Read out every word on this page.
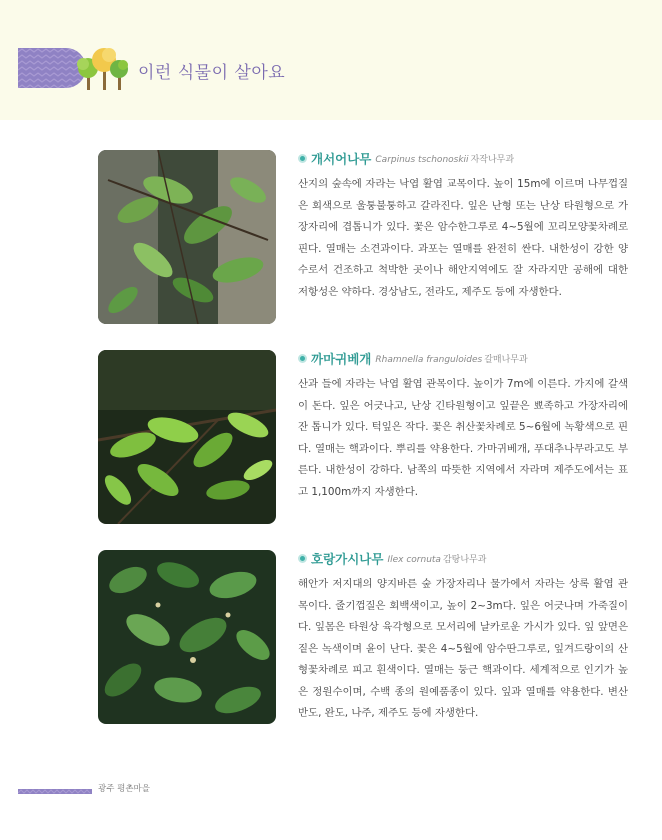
이런 식물이 살아요
개서어나무 Carpinus tschonoskii 자작나무과
산지의 숲속에 자라는 낙엽 활엽 교목이다. 높이 15m에 이르며 나무껍질은 회색으로 울퉁불퉁하고 갈라진다. 잎은 난형 또는 난상 타원형으로 가장자리에 겹톱니가 있다. 꽃은 암수한그루로 4~5월에 꼬리모양꽃차례로 핀다. 열매는 소견과이다. 과포는 열매를 완전히 싼다. 내한성이 강한 양수로서 건조하고 척박한 곳이나 해안지역에도 잘 자라지만 공해에 대한 저항성은 약하다. 경상남도, 전라도, 제주도 등에 자생한다.
까마귀베개 Rhamnella franguloides 갈매나무과
산과 들에 자라는 낙엽 활엽 관목이다. 높이가 7m에 이른다. 가지에 갈색이 돈다. 잎은 어긋나고, 난상 긴타원형이고 잎끝은 뾰족하고 가장자리에 잔 톱니가 있다. 턱잎은 작다. 꽃은 취산꽃차례로 5~6월에 녹황색으로 핀다. 열매는 핵과이다. 뿌리를 약용한다. 가마귀베개, 푸대추나무라고도 부른다. 내한성이 강하다. 남쪽의 따뜻한 지역에서 자라며 제주도에서는 표고 1,100m까지 자생한다.
호랑가시나무 Ilex cornuta 감탕나무과
해안가 저지대의 양지바른 숲 가장자리나 물가에서 자라는 상록 활엽 관목이다. 줄기껍질은 회백색이고, 높이 2~3m다. 잎은 어긋나며 가죽질이다. 잎몸은 타원상 육각형으로 모서리에 날카로운 가시가 있다. 잎 앞면은 짙은 녹색이며 윤이 난다. 꽃은 4~5월에 암수딴그루로, 잎겨드랑이의 산형꽃차례로 피고 흰색이다. 열매는 둥근 핵과이다. 세계적으로 인기가 높은 정원수이며, 수백 종의 원예품종이 있다. 잎과 열매를 약용한다. 변산반도, 완도, 나주, 제주도 등에 자생한다.
광주 평촌마을
